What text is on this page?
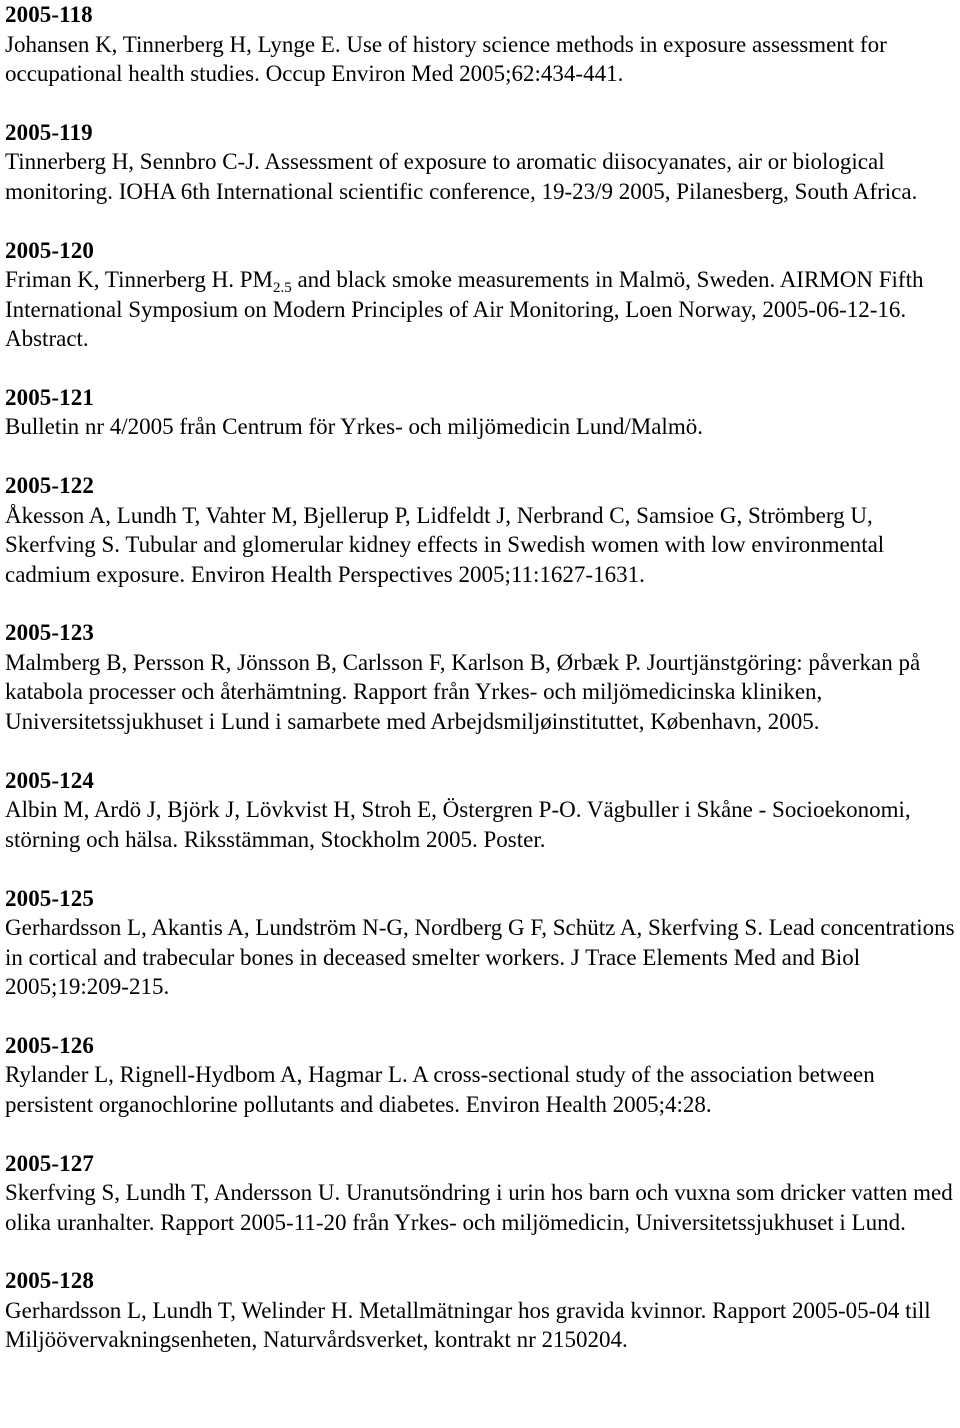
2005-118
Johansen K, Tinnerberg H, Lynge E. Use of history science methods in exposure assessment for occupational health studies. Occup Environ Med 2005;62:434-441.
2005-119
Tinnerberg H, Sennbro C-J. Assessment of exposure to aromatic diisocyanates, air or biological monitoring. IOHA 6th International scientific conference, 19-23/9 2005, Pilanesberg, South Africa.
2005-120
Friman K, Tinnerberg H. $PM_{2.5}$ and black smoke measurements in Malmö, Sweden. AIRMON Fifth International Symposium on Modern Principles of Air Monitoring, Loen Norway, 2005-06-12-16. Abstract.
2005-121
Bulletin nr 4/2005 från Centrum för Yrkes- och miljömedicin Lund/Malmö.
2005-122
Åkesson A, Lundh T, Vahter M, Bjellerup P, Lidfeldt J, Nerbrand C, Samsioe G, Strömberg U, Skerfving S. Tubular and glomerular kidney effects in Swedish women with low environmental cadmium exposure. Environ Health Perspectives 2005;11:1627-1631.
2005-123
Malmberg B, Persson R, Jönsson B, Carlsson F, Karlson B, Ørbæk P. Jourtjänstgöring: påverkan på katabola processer och återhämtning. Rapport från Yrkes- och miljömedicinska kliniken, Universitetssjukhuset i Lund i samarbete med Arbejdsmiljøinstituttet, København, 2005.
2005-124
Albin M, Ardö J, Björk J, Lövkvist H, Stroh E, Östergren P-O. Vägbuller i Skåne - Socioekonomi, störning och hälsa. Riksstämman, Stockholm 2005. Poster.
2005-125
Gerhardsson L, Akantis A, Lundström N-G, Nordberg G F, Schütz A, Skerfving S. Lead concentrations in cortical and trabecular bones in deceased smelter workers. J Trace Elements Med and Biol 2005;19:209-215.
2005-126
Rylander L, Rignell-Hydbom A, Hagmar L. A cross-sectional study of the association between persistent organochlorine pollutants and diabetes. Environ Health 2005;4:28.
2005-127
Skerfving S, Lundh T, Andersson U. Uranutsöndring i urin hos barn och vuxna som dricker vatten med olika uranhalter. Rapport 2005-11-20 från Yrkes- och miljömedicin, Universitetssjukhuset i Lund.
2005-128
Gerhardsson L, Lundh T, Welinder H. Metallmätningar hos gravida kvinnor. Rapport 2005-05-04 till Miljöövervakningsenheten, Naturvårdsverket, kontrakt nr 2150204.
